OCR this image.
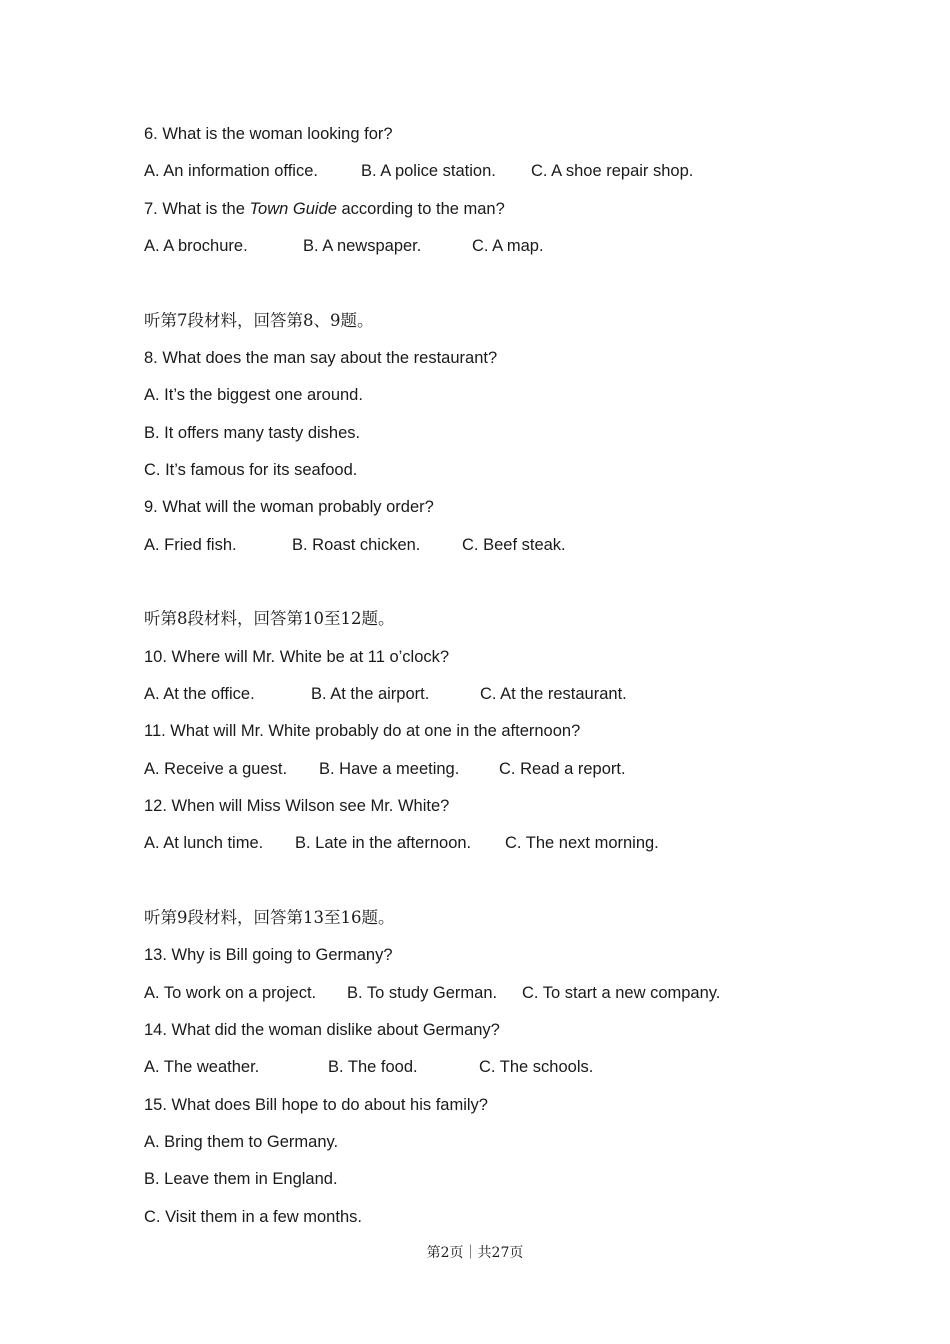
6. What is the woman looking for?
A. An information office.	B. A police station. C. A shoe repair shop.
7. What is the Town Guide according to the man?
A. A brochure.	B. A newspaper.	C. A map.
听第7段材料，回答第8、9题。
8. What does the man say about the restaurant?
A. It’s the biggest one around.
B. It offers many tasty dishes.
C. It’s famous for its seafood.
9. What will the woman probably order?
A. Fried fish.	B. Roast chicken.	C. Beef steak.
听第8段材料，回答第10至12题。
10. Where will Mr. White be at 11 o’clock?
A. At the office.	B. At the airport.	C. At the restaurant.
11. What will Mr. White probably do at one in the afternoon?
A. Receive a guest. B. Have a meeting. C. Read a report.
12. When will Miss Wilson see Mr. White?
A. At lunch time. B. Late in the afternoon. C. The next morning.
听第9段材料，回答第13至16题。
13. Why is Bill going to Germany?
A. To work on a project. B. To study German. C. To start a new company.
14. What did the woman dislike about Germany?
A. The weather.	B. The food.	C. The schools.
15. What does Bill hope to do about his family?
A. Bring them to Germany.
B. Leave them in England.
C. Visit them in a few months.
第2页｜共27页
